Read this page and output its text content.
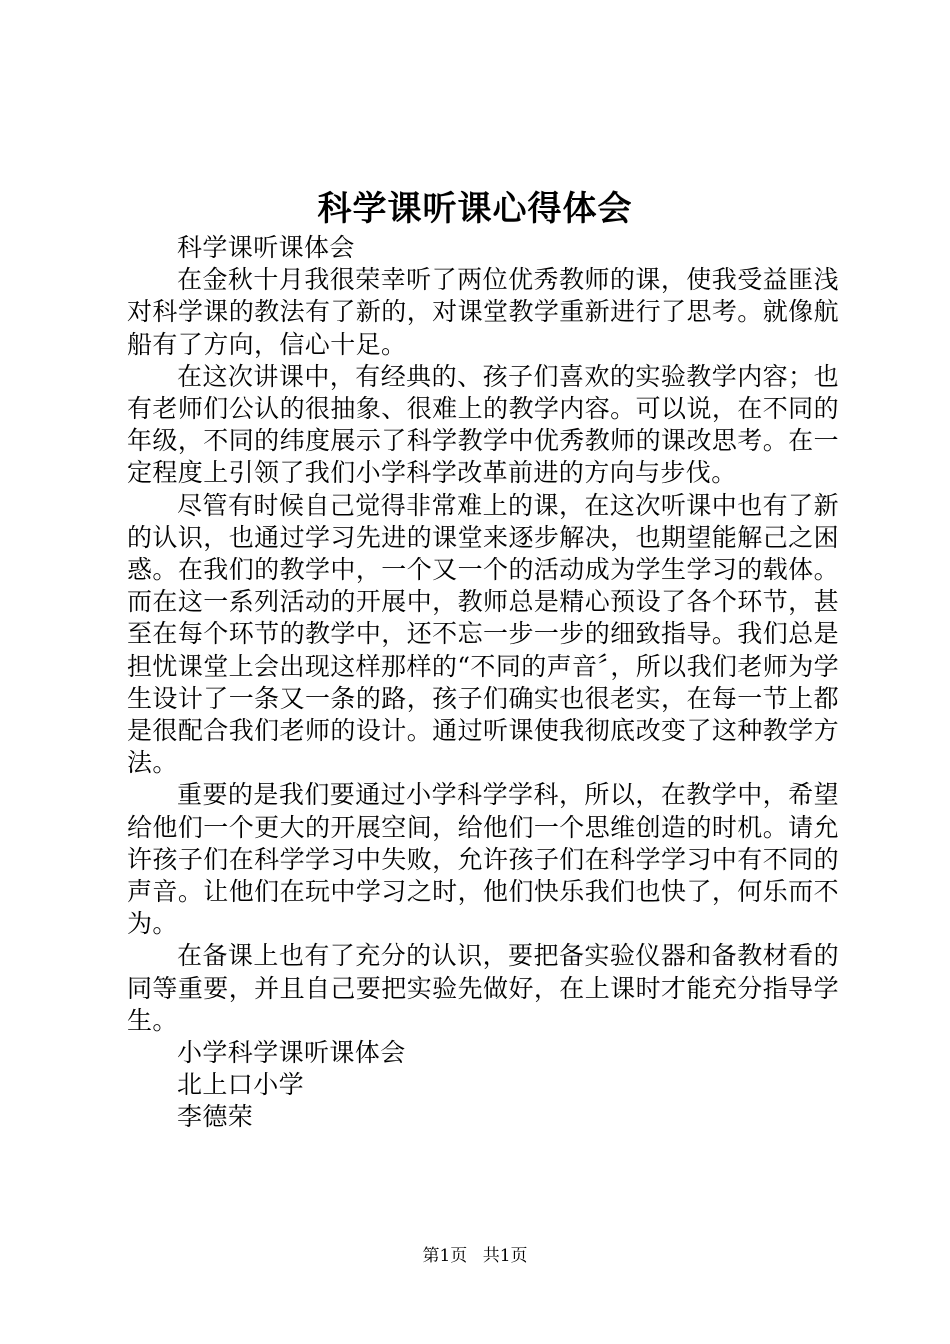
科学课听课心得体会

科学课听课体会

在金秋十月我很荣幸听了两位优秀教师的课，使我受益匪浅对科学课的教法有了新的，对课堂教学重新进行了思考。就像航船有了方向，信心十足。

在这次讲课中，有经典的、孩子们喜欢的实验教学内容；也有老师们公认的很抽象、很难上的教学内容。可以说，在不同的年级，不同的纬度展示了科学教学中优秀教师的课改思考。在一定程度上引领了我们小学科学改革前进的方向与步伐。

尽管有时候自己觉得非常难上的课，在这次听课中也有了新的认识，也通过学习先进的课堂来逐步解决，也期望能解己之困惑。在我们的教学中，一个又一个的活动成为学生学习的载体。而在这一系列活动的开展中，教师总是精心预设了各个环节，甚至在每个环节的教学中，还不忘一步一步的细致指导。我们总是担忧课堂上会出现这样那样的“不同的声音〞，所以我们老师为学生设计了一条又一条的路，孩子们确实也很老实，在每一节上都是很配合我们老师的设计。通过听课使我彻底改变了这种教学方法。

重要的是我们要通过小学科学学科，所以，在教学中，希望给他们一个更大的开展空间，给他们一个思维创造的时机。请允许孩子们在科学学习中失败，允许孩子们在科学学习中有不同的声音。让他们在玩中学习之时，他们快乐我们也快了，何乐而不为。

在备课上也有了充分的认识，要把备实验仪器和备教材看的同等重要，并且自己要把实验先做好，在上课时才能充分指导学生。

小学科学课听课体会

北上口小学

李德荣

第1页 共1页
